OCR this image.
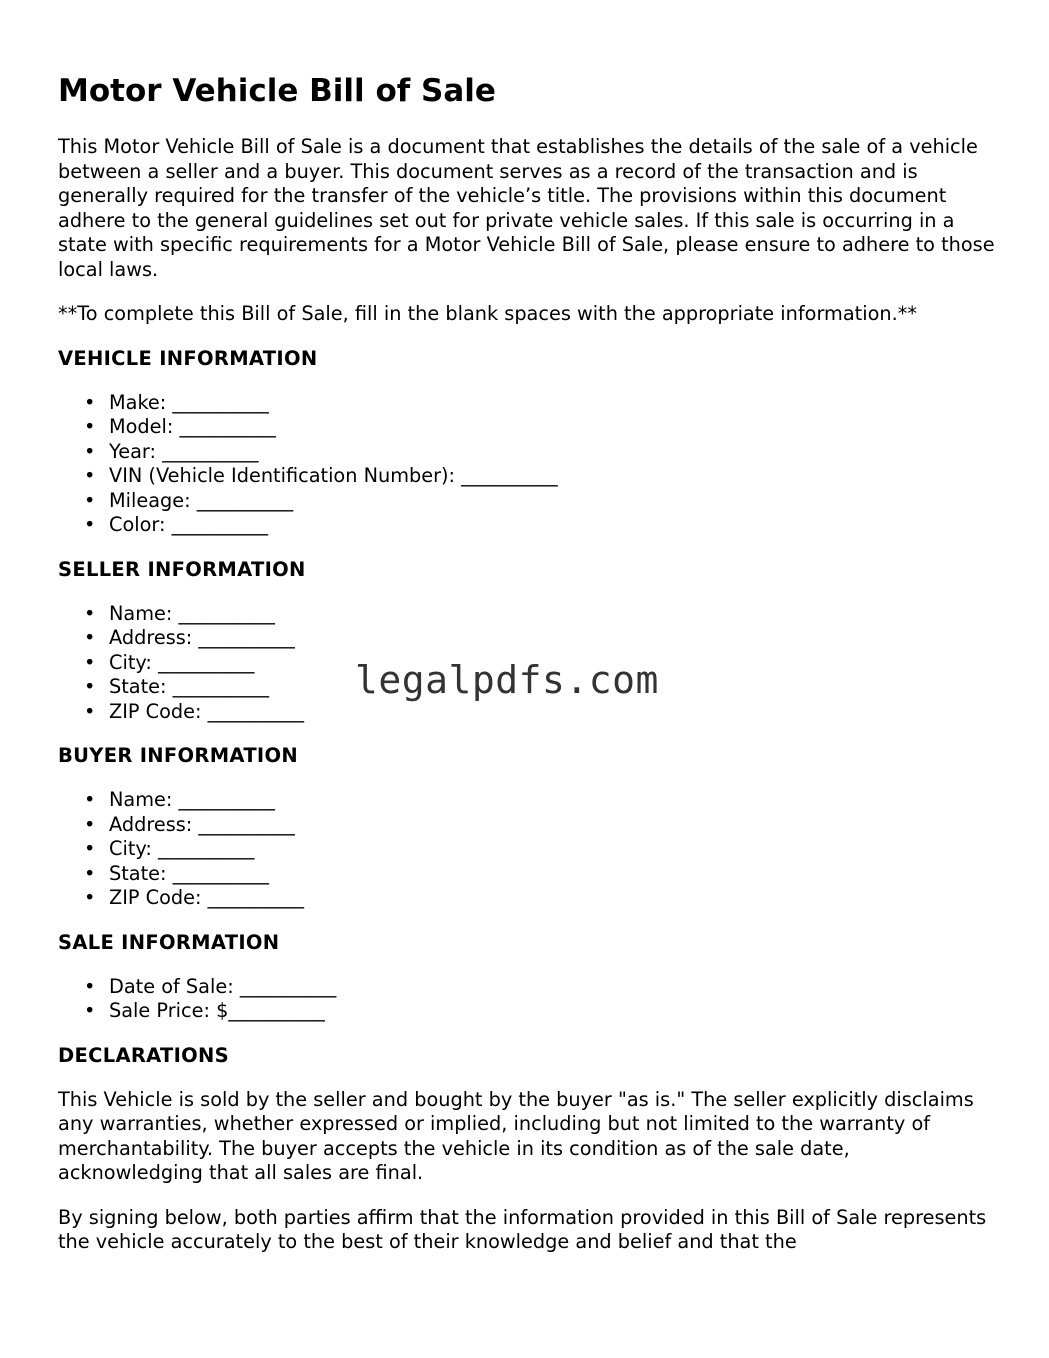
Motor Vehicle Bill of Sale

This Motor Vehicle Bill of Sale is a document that establishes the details of the sale of a vehicle between a seller and a buyer. This document serves as a record of the transaction and is generally required for the transfer of the vehicle’s title. The provisions within this document adhere to the general guidelines set out for private vehicle sales. If this sale is occurring in a state with specific requirements for a Motor Vehicle Bill of Sale, please ensure to adhere to those local laws.

**To complete this Bill of Sale, fill in the blank spaces with the appropriate information.**

VEHICLE INFORMATION
• Make: __________
• Model: __________
• Year: __________
• VIN (Vehicle Identification Number): __________
• Mileage: __________
• Color: __________
SELLER INFORMATION
• Name: __________
• Address: __________
• City: __________
• State: __________
• ZIP Code: __________
BUYER INFORMATION
• Name: __________
• Address: __________
• City: __________
• State: __________
• ZIP Code: __________
SALE INFORMATION
• Date of Sale: __________
• Sale Price: $__________
DECLARATIONS

This Vehicle is sold by the seller and bought by the buyer "as is." The seller explicitly disclaims any warranties, whether expressed or implied, including but not limited to the warranty of merchantability. The buyer accepts the vehicle in its condition as of the sale date, acknowledging that all sales are final.

By signing below, both parties affirm that the information provided in this Bill of Sale represents the vehicle accurately to the best of their knowledge and belief and that the

legalpdfs.com
